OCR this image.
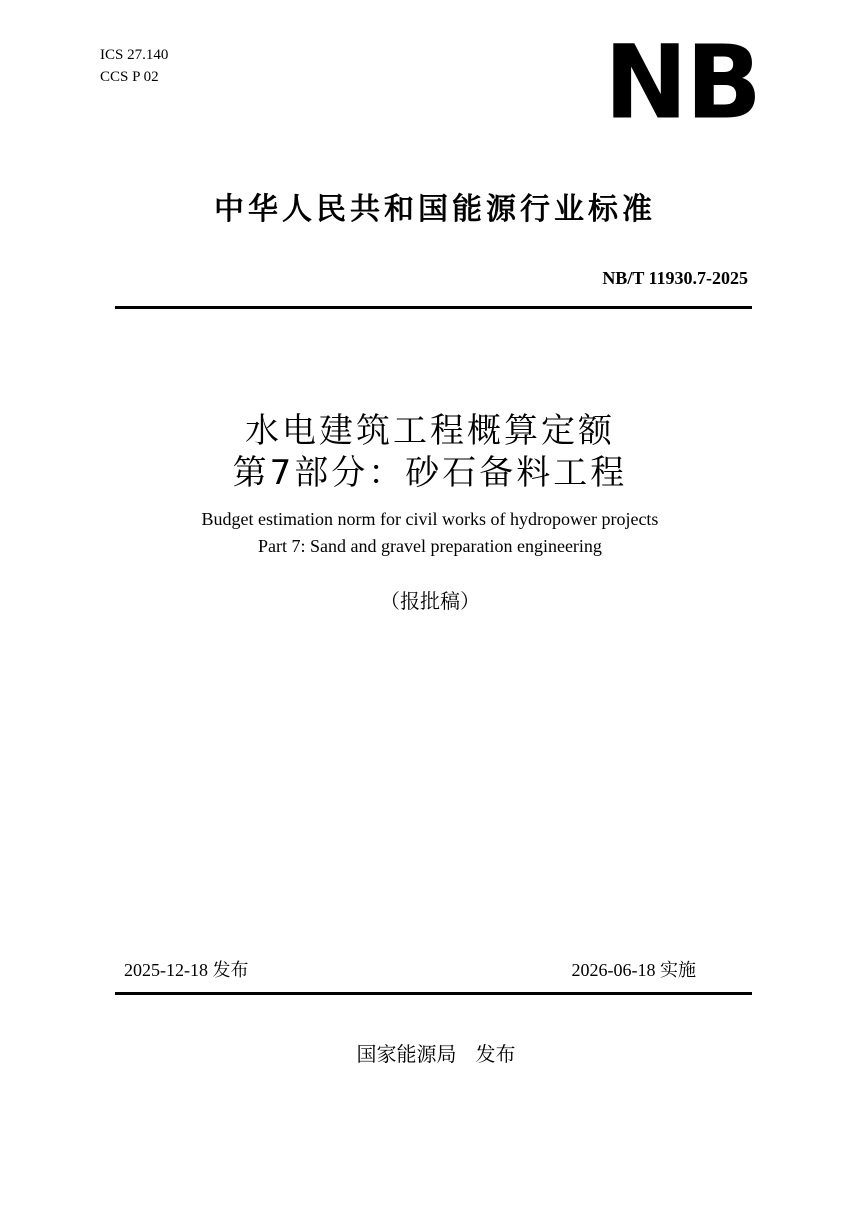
ICS 27.140
CCS P 02	NB
中华人民共和国能源行业标准
NB/T 11930.7-2025
水电建筑工程概算定额
第7部分：砂石备料工程
Budget estimation norm for civil works of hydropower projects
Part 7: Sand and gravel preparation engineering
（报批稿）
2025-12-18 发布	2026-06-18 实施
国家能源局 发布
